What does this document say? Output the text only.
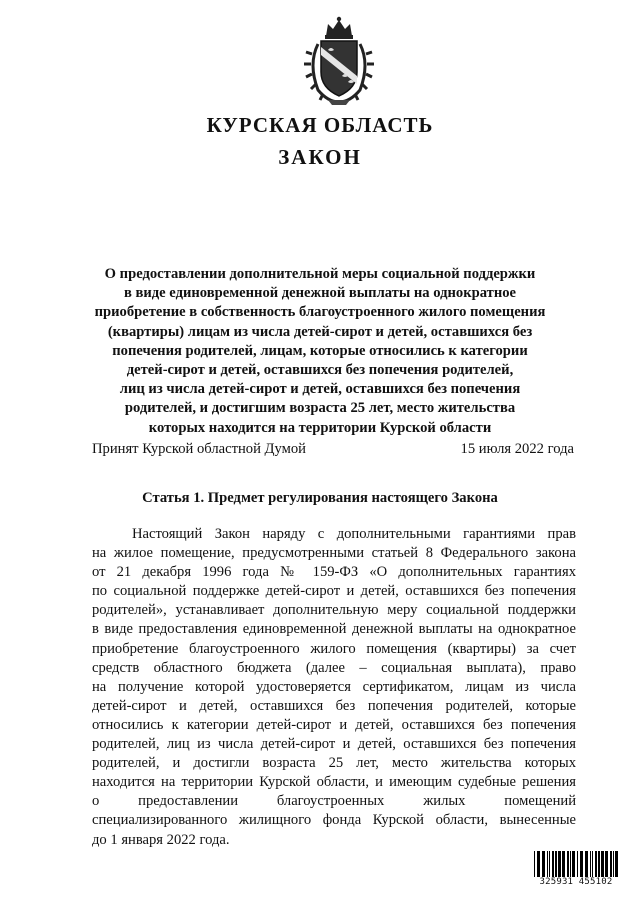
КУРСКАЯ ОБЛАСТЬ
ЗАКОН
О предоставлении дополнительной меры социальной поддержки
в виде единовременной денежной выплаты на однократное
приобретение в собственность благоустроенного жилого помещения
(квартиры) лицам из числа детей-сирот и детей, оставшихся без
попечения родителей, лицам, которые относились к категории
детей-сирот и детей, оставшихся без попечения родителей,
лиц из числа детей-сирот и детей, оставшихся без попечения
родителей, и достигшим возраста 25 лет, место жительства
которых находится на территории Курской области
Принят Курской областной Думой	15 июля 2022 года
Статья 1. Предмет регулирования настоящего Закона
Настоящий Закон наряду с дополнительными гарантиями прав
на жилое помещение, предусмотренными статьей 8 Федерального закона
от 21 декабря 1996 года № 159-ФЗ «О дополнительных гарантиях
по социальной поддержке детей-сирот и детей, оставшихся без попечения
родителей», устанавливает дополнительную меру социальной поддержки
в виде предоставления единовременной денежной выплаты на однократное
приобретение благоустроенного жилого помещения (квартиры) за счет
средств областного бюджета (далее – социальная выплата), право
на получение которой удостоверяется сертификатом, лицам из числа
детей-сирот и детей, оставшихся без попечения родителей, которые
относились к категории детей-сирот и детей, оставшихся без попечения
родителей, лиц из числа детей-сирот и детей, оставшихся без попечения
родителей, и достигли возраста 25 лет, место жительства которых
находится на территории Курской области, и имеющим судебные решения
о предоставлении благоустроенных жилых помещений
специализированного жилищного фонда Курской области, вынесенные
до 1 января 2022 года.
325931 455102
